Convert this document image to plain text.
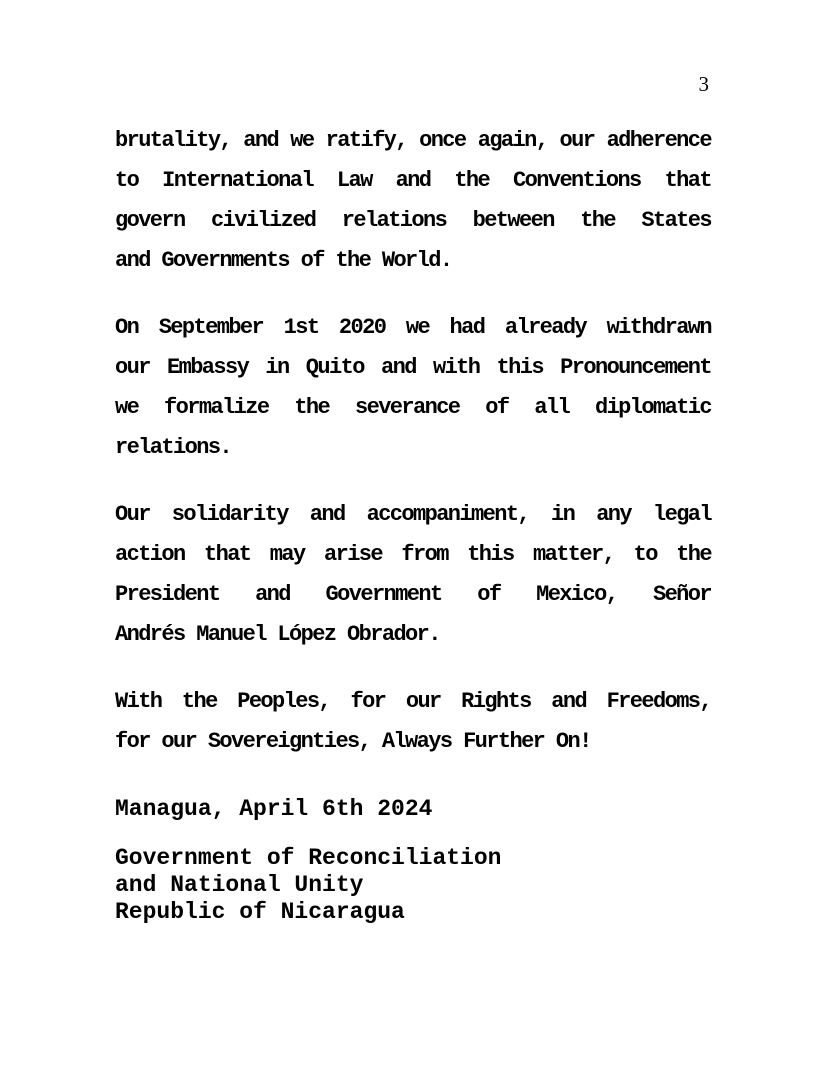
3
brutality, and we ratify, once again, our adherence
to International Law and the Conventions that
govern civilized relations between the States
and Governments of the World.
On September 1st 2020 we had already withdrawn
our Embassy in Quito and with this Pronouncement
we formalize the severance of all diplomatic
relations.
Our solidarity and accompaniment, in any legal
action that may arise from this matter, to the
President and Government of Mexico, Señor
Andrés Manuel López Obrador.
With the Peoples, for our Rights and Freedoms,
for our Sovereignties, Always Further On!
Managua, April 6th 2024
Government of Reconciliation
and National Unity
Republic of Nicaragua
